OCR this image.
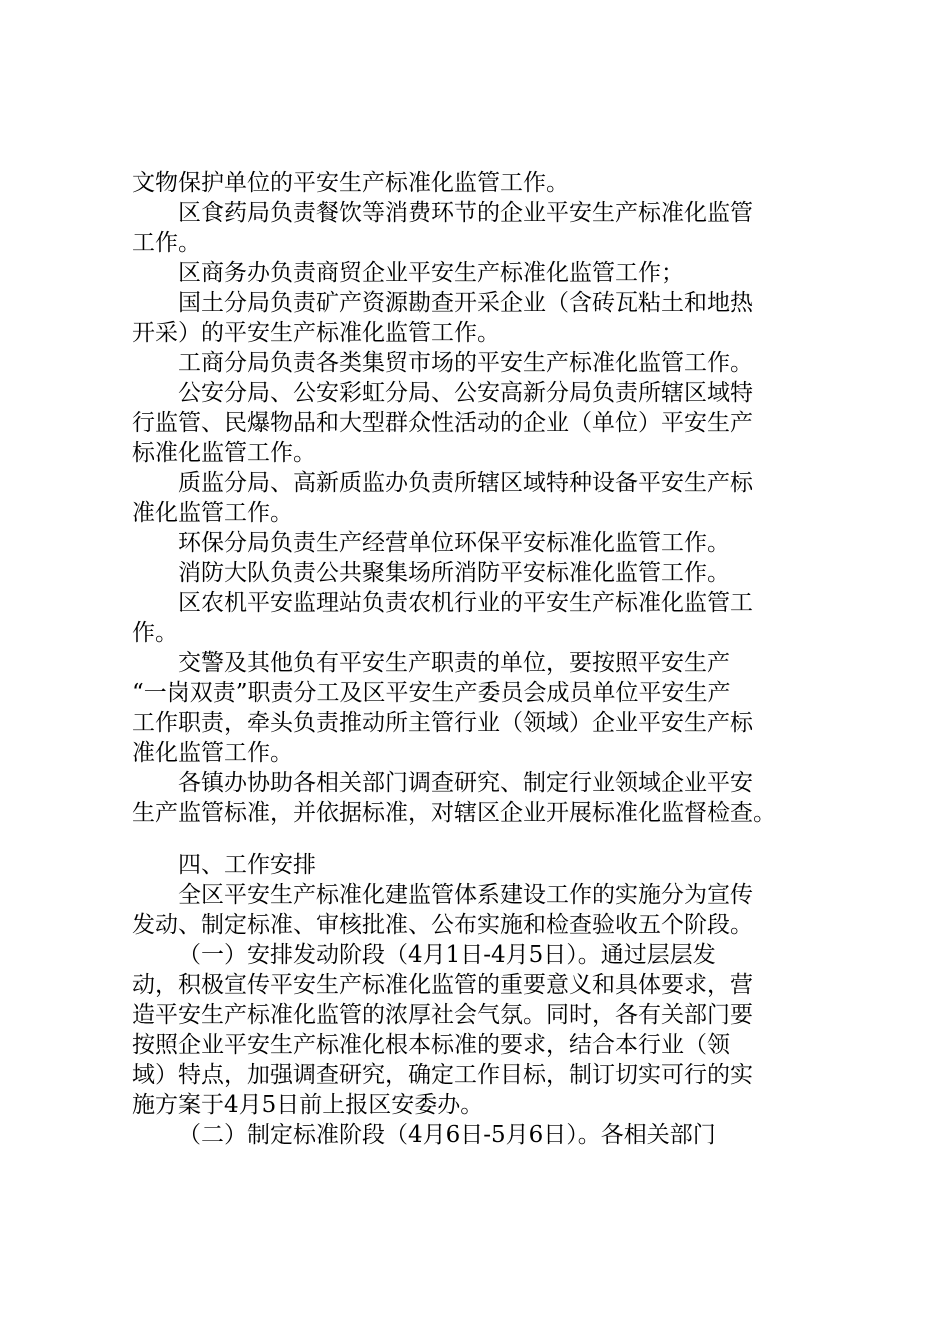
文物保护单位的平安生产标准化监管工作。
区食药局负责餐饮等消费环节的企业平安生产标准化监管
工作。
区商务办负责商贸企业平安生产标准化监管工作；
国土分局负责矿产资源勘查开采企业（含砖瓦粘土和地热
开采）的平安生产标准化监管工作。
工商分局负责各类集贸市场的平安生产标准化监管工作。
公安分局、公安彩虹分局、公安高新分局负责所辖区域特
行监管、民爆物品和大型群众性活动的企业（单位）平安生产
标准化监管工作。
质监分局、高新质监办负责所辖区域特种设备平安生产标
准化监管工作。
环保分局负责生产经营单位环保平安标准化监管工作。
消防大队负责公共聚集场所消防平安标准化监管工作。
区农机平安监理站负责农机行业的平安生产标准化监管工
作。
交警及其他负有平安生产职责的单位，要按照平安生产
“一岗双责”职责分工及区平安生产委员会成员单位平安生产
工作职责，牵头负责推动所主管行业（领域）企业平安生产标
准化监管工作。
各镇办协助各相关部门调查研究、制定行业领域企业平安
生产监管标准，并依据标准，对辖区企业开展标准化监督检查。
四、工作安排
全区平安生产标准化建监管体系建设工作的实施分为宣传
发动、制定标准、审核批准、公布实施和检查验收五个阶段。
（一）安排发动阶段（4月1日-4月5日）。通过层层发
动，积极宣传平安生产标准化监管的重要意义和具体要求，营
造平安生产标准化监管的浓厚社会气氛。同时，各有关部门要
按照企业平安生产标准化根本标准的要求，结合本行业（领
域）特点，加强调查研究，确定工作目标，制订切实可行的实
施方案于4月5日前上报区安委办。
（二）制定标准阶段（4月6日-5月6日）。各相关部门
